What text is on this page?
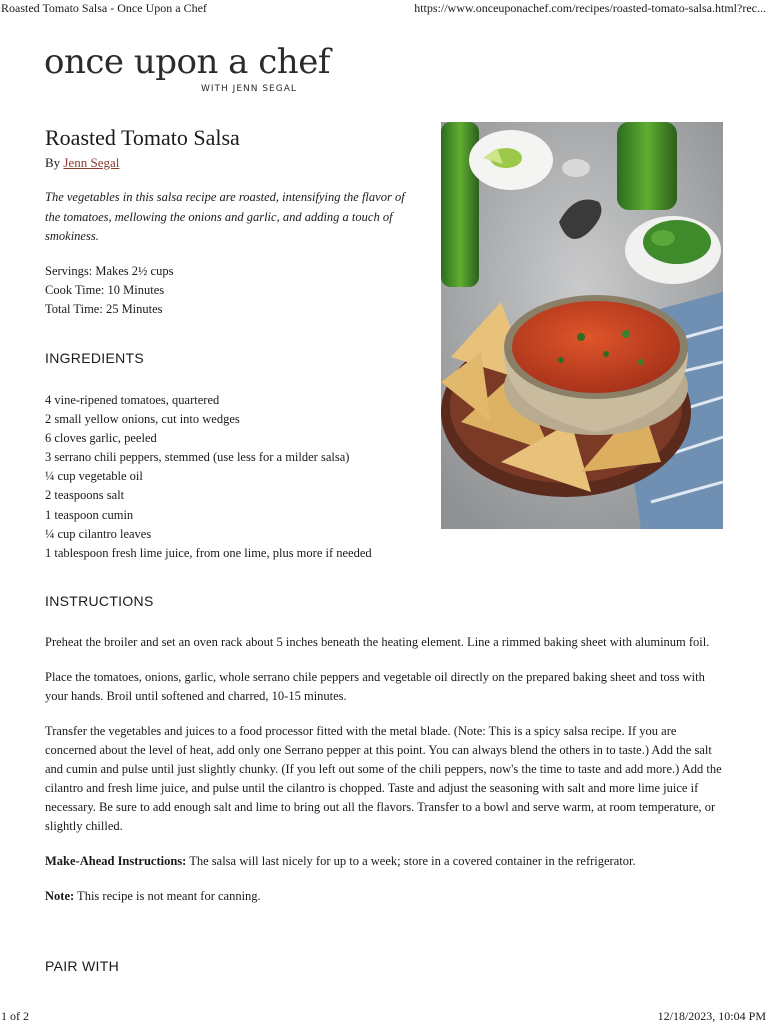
Roasted Tomato Salsa - Once Upon a Chef	https://www.onceuponachef.com/recipes/roasted-tomato-salsa.html?rec...
once upon a chef
WITH JENN SEGAL
Roasted Tomato Salsa
By Jenn Segal
The vegetables in this salsa recipe are roasted, intensifying the flavor of the tomatoes, mellowing the onions and garlic, and adding a touch of smokiness.
Servings: Makes 2½ cups
Cook Time: 10 Minutes
Total Time: 25 Minutes
INGREDIENTS
4 vine-ripened tomatoes, quartered
2 small yellow onions, cut into wedges
6 cloves garlic, peeled
3 serrano chili peppers, stemmed (use less for a milder salsa)
¼ cup vegetable oil
2 teaspoons salt
1 teaspoon cumin
¼ cup cilantro leaves
1 tablespoon fresh lime juice, from one lime, plus more if needed
INSTRUCTIONS

Preheat the broiler and set an oven rack about 5 inches beneath the heating element. Line a rimmed baking sheet with aluminum foil.

Place the tomatoes, onions, garlic, whole serrano chile peppers and vegetable oil directly on the prepared baking sheet and toss with your hands. Broil until softened and charred, 10-15 minutes.

Transfer the vegetables and juices to a food processor fitted with the metal blade. (Note: This is a spicy salsa recipe. If you are concerned about the level of heat, add only one Serrano pepper at this point. You can always blend the others in to taste.) Add the salt and cumin and pulse until just slightly chunky. (If you left out some of the chili peppers, now's the time to taste and add more.) Add the cilantro and fresh lime juice, and pulse until the cilantro is chopped. Taste and adjust the seasoning with salt and more lime juice if necessary. Be sure to add enough salt and lime to bring out all the flavors. Transfer to a bowl and serve warm, at room temperature, or slightly chilled.

Make-Ahead Instructions: The salsa will last nicely for up to a week; store in a covered container in the refrigerator.

Note: This recipe is not meant for canning.

PAIR WITH
1 of 2	12/18/2023, 10:04 PM
